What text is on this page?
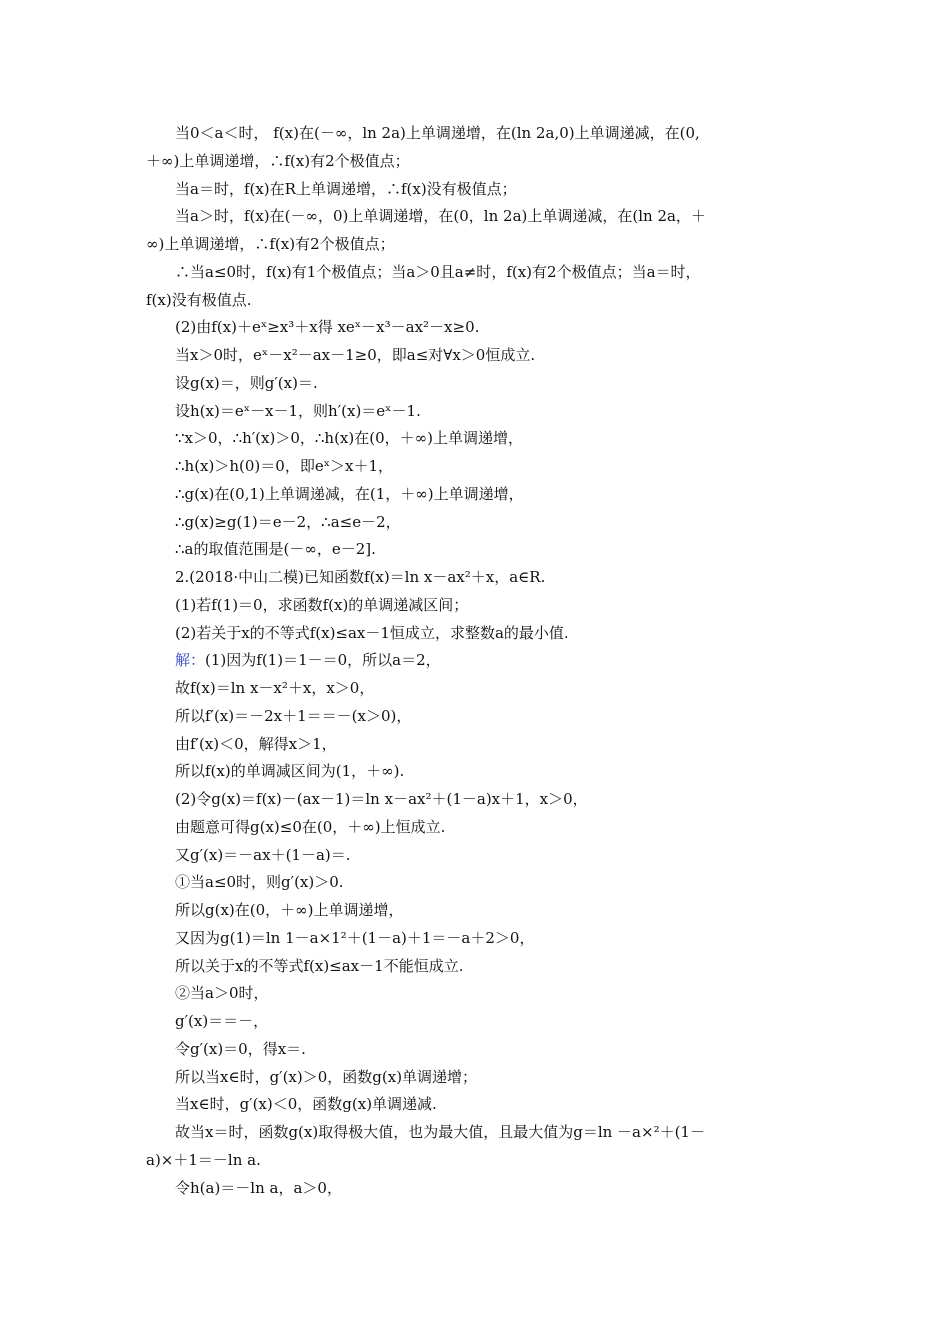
当0＜a＜时， f(x)在(－∞，ln 2a)上单调递增，在(ln 2a,0)上单调递减，在(0,
＋∞)上单调递增，∴f(x)有2个极值点；
当a＝时，f(x)在R上单调递增，∴f(x)没有极值点；
当a＞时，f(x)在(－∞，0)上单调递增，在(0，ln 2a)上单调递减，在(ln 2a，＋
∞)上单调递增，∴f(x)有2个极值点；
∴当a≤0时，f(x)有1个极值点；当a＞0且a≠时，f(x)有2个极值点；当a＝时，
f(x)没有极值点.
(2)由f(x)＋eˣ≥x³＋x得 xeˣ－x³－ax²－x≥0.
当x＞0时，eˣ－x²－ax－1≥0，即a≤对∀x＞0恒成立.
设g(x)＝，则g′(x)＝.
设h(x)＝eˣ－x－1，则h′(x)＝eˣ－1.
∵x＞0，∴h′(x)＞0，∴h(x)在(0，＋∞)上单调递增，
∴h(x)＞h(0)＝0，即eˣ＞x＋1，
∴g(x)在(0,1)上单调递减，在(1，＋∞)上单调递增，
∴g(x)≥g(1)＝e－2，∴a≤e－2，
∴a的取值范围是(－∞，e－2].
2.(2018·中山二模)已知函数f(x)＝ln x－ax²＋x，a∈R.
(1)若f(1)＝0，求函数f(x)的单调递减区间；
(2)若关于x的不等式f(x)≤ax－1恒成立，求整数a的最小值.
解：(1)因为f(1)＝1－＝0，所以a＝2，
故f(x)＝ln x－x²＋x，x＞0，
所以f′(x)＝－2x＋1＝＝－(x＞0)，
由f′(x)＜0，解得x＞1，
所以f(x)的单调减区间为(1，＋∞).
(2)令g(x)＝f(x)－(ax－1)＝ln x－ax²＋(1－a)x＋1，x＞0，
由题意可得g(x)≤0在(0，＋∞)上恒成立.
又g′(x)＝－ax＋(1－a)＝.
①当a≤0时，则g′(x)＞0.
所以g(x)在(0，＋∞)上单调递增，
又因为g(1)＝ln 1－a×1²＋(1－a)＋1＝－a＋2＞0，
所以关于x的不等式f(x)≤ax－1不能恒成立.
②当a＞0时，
g′(x)＝＝－，
令g′(x)＝0，得x＝.
所以当x∈时，g′(x)＞0，函数g(x)单调递增；
当x∈时，g′(x)＜0，函数g(x)单调递减.
故当x＝时，函数g(x)取得极大值，也为最大值，且最大值为g＝ln －a×²＋(1－
a)×＋1＝－ln a.
令h(a)＝－ln a，a＞0，
